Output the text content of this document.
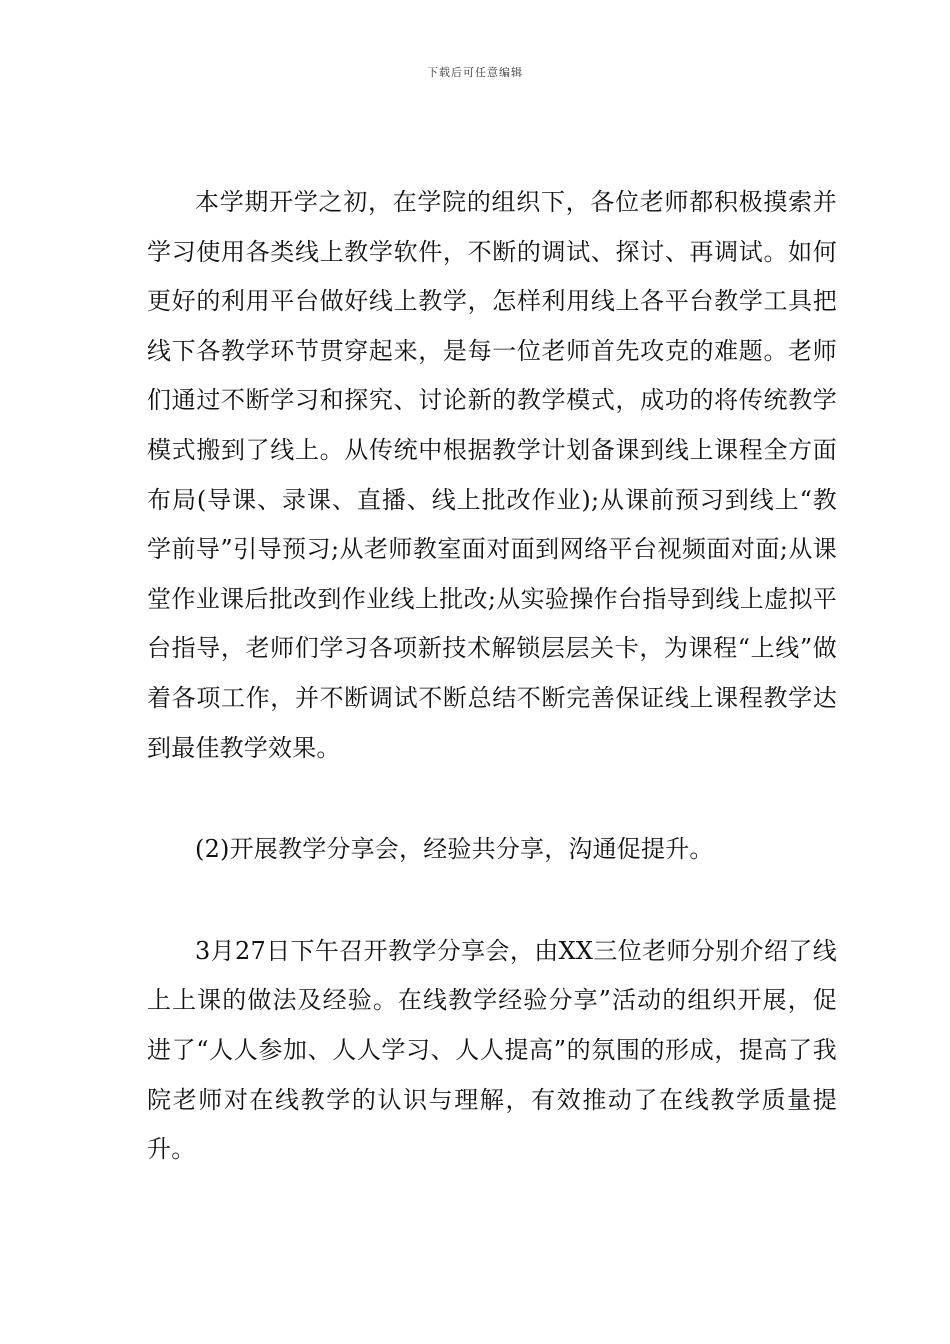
下载后可任意编辑

本学期开学之初，在学院的组织下，各位老师都积极摸索并学习使用各类线上教学软件，不断的调试、探讨、再调试。如何更好的利用平台做好线上教学，怎样利用线上各平台教学工具把线下各教学环节贯穿起来，是每一位老师首先攻克的难题。老师们通过不断学习和探究、讨论新的教学模式，成功的将传统教学模式搬到了线上。从传统中根据教学计划备课到线上课程全方面布局(导课、录课、直播、线上批改作业);从课前预习到线上“教学前导”引导预习;从老师教室面对面到网络平台视频面对面;从课堂作业课后批改到作业线上批改;从实验操作台指导到线上虚拟平台指导，老师们学习各项新技术解锁层层关卡，为课程“上线”做着各项工作，并不断调试不断总结不断完善保证线上课程教学达到最佳教学效果。

(2)开展教学分享会，经验共分享，沟通促提升。

3月27日下午召开教学分享会，由XX三位老师分别介绍了线上上课的做法及经验。在线教学经验分享”活动的组织开展，促进了“人人参加、人人学习、人人提高”的氛围的形成，提高了我院老师对在线教学的认识与理解，有效推动了在线教学质量提升。
